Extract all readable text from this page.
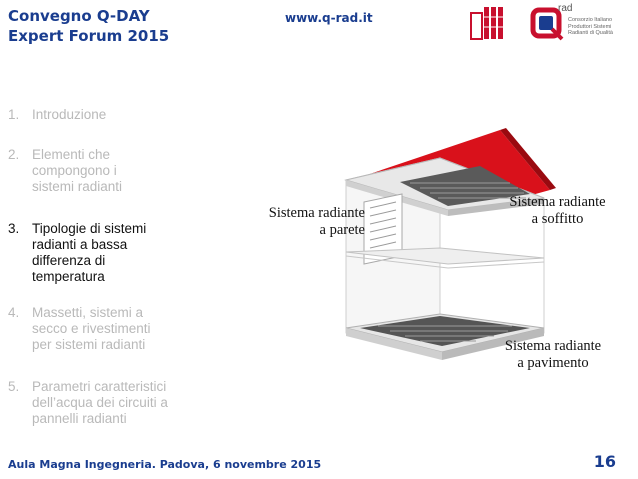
Convegno Q-DAY
Expert Forum 2015
www.q-rad.it
rad
Consorzio Italiano
Produttori Sistemi
Radianti di Qualità
1. Introduzione
2. Elementi che compongono i sistemi radianti
3. Tipologie di sistemi radianti a bassa differenza di temperatura
4. Massetti, sistemi a secco e rivestimenti per sistemi radianti
5. Parametri caratteristici dell’acqua dei circuiti a pannelli radianti
Sistema radiante
a parete
Sistema radiante
a soffitto
Sistema radiante
a pavimento
Aula Magna Ingegneria. Padova, 6 novembre 2015	16
